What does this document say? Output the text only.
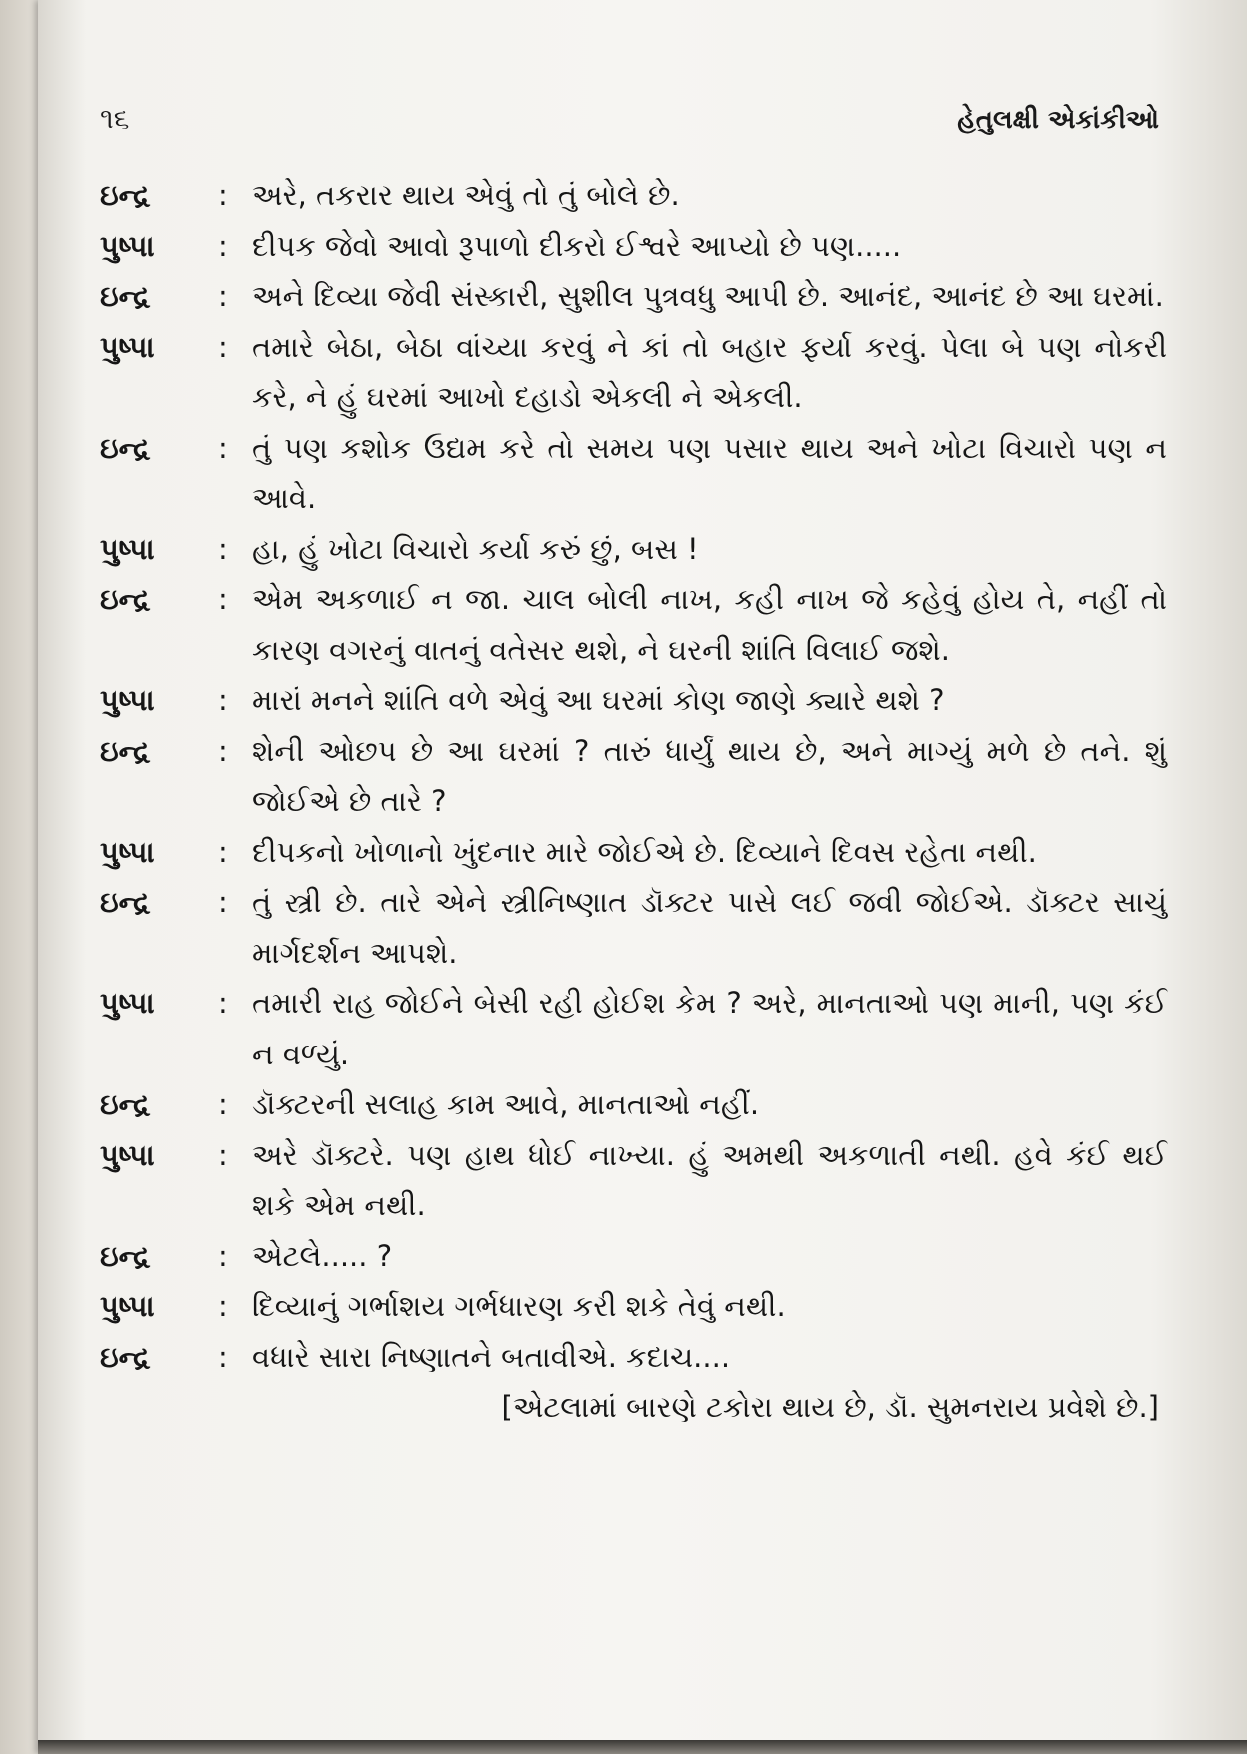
૧૬	હેતુલક્ષી એકાંકીઓ
ઇન્દ્ર	: અરે, તકરાર થાય એવું તો તું બોલે છે.
પુષ્પા	: દીપક જેવો આવો રૂપાળો દીકરો ઈશ્વરે આપ્યો છે પણ.....
ઇન્દ્ર	: અને દિવ્યા જેવી સંસ્કારી, સુશીલ પુત્રવધુ આપી છે. આનંદ, આનંદ છે આ ઘરમાં.
પુષ્પા	: તમારે બેઠા, બેઠા વાંચ્યા કરવું ને કાં તો બહાર ફર્યા કરવું. પેલા બે પણ નોકરી કરે, ને હું ઘરમાં આખો દહાડો એકલી ને એકલી.
ઇન્દ્ર	: તું પણ કશોક ઉદ્યમ કરે તો સમય પણ પસાર થાય અને ખોટા વિચારો પણ ન આવે.
પુષ્પા	: હા, હું ખોટા વિચારો કર્યા કરું છું, બસ !
ઇન્દ્ર	: એમ અકળાઈ ન જા. ચાલ બોલી નાખ, કહી નાખ જે કહેવું હોય તે, નહીં તો કારણ વગરનું વાતનું વતેસર થશે, ને ઘરની શાંતિ વિલાઈ જશે.
પુષ્પા	: મારાં મનને શાંતિ વળે એવું આ ઘરમાં કોણ જાણે ક્યારે થશે ?
ઇન્દ્ર	: શેની ઓછપ છે આ ઘરમાં ? તારું ધાર્યું થાય છે, અને માગ્યું મળે છે તને. શું જોઈએ છે તારે ?
પુષ્પા	: દીપકનો ખોળાનો ખુંદનાર મારે જોઈએ છે. દિવ્યાને દિવસ રહેતા નથી.
ઇન્દ્ર	: તું સ્ત્રી છે. તારે એને સ્ત્રીનિષ્ણાત ડૉક્ટર પાસે લઈ જવી જોઈએ. ડૉક્ટર સાચું માર્ગદર્શન આપશે.
પુષ્પા	: તમારી રાહ જોઈને બેસી રહી હોઈશ કેમ ? અરે, માનતાઓ પણ માની, પણ કંઈ ન વળ્યું.
ઇન્દ્ર	: ડૉક્ટરની સલાહ કામ આવે, માનતાઓ નહીં.
પુષ્પા	: અરે ડૉક્ટરે. પણ હાથ ધોઈ નાખ્યા. હું અમથી અકળાતી નથી. હવે કંઈ થઈ શકે એમ નથી.
ઇન્દ્ર	: એટલે..... ?
પુષ્પા	: દિવ્યાનું ગર્ભાશય ગર્ભધારણ કરી શકે તેવું નથી.
ઇન્દ્ર	: વધારે સારા નિષ્ણાતને બતાવીએ. કદાચ....
[એટલામાં બારણે ટકોરા થાય છે, ડૉ. સુમનરાય પ્રવેશે છે.]
